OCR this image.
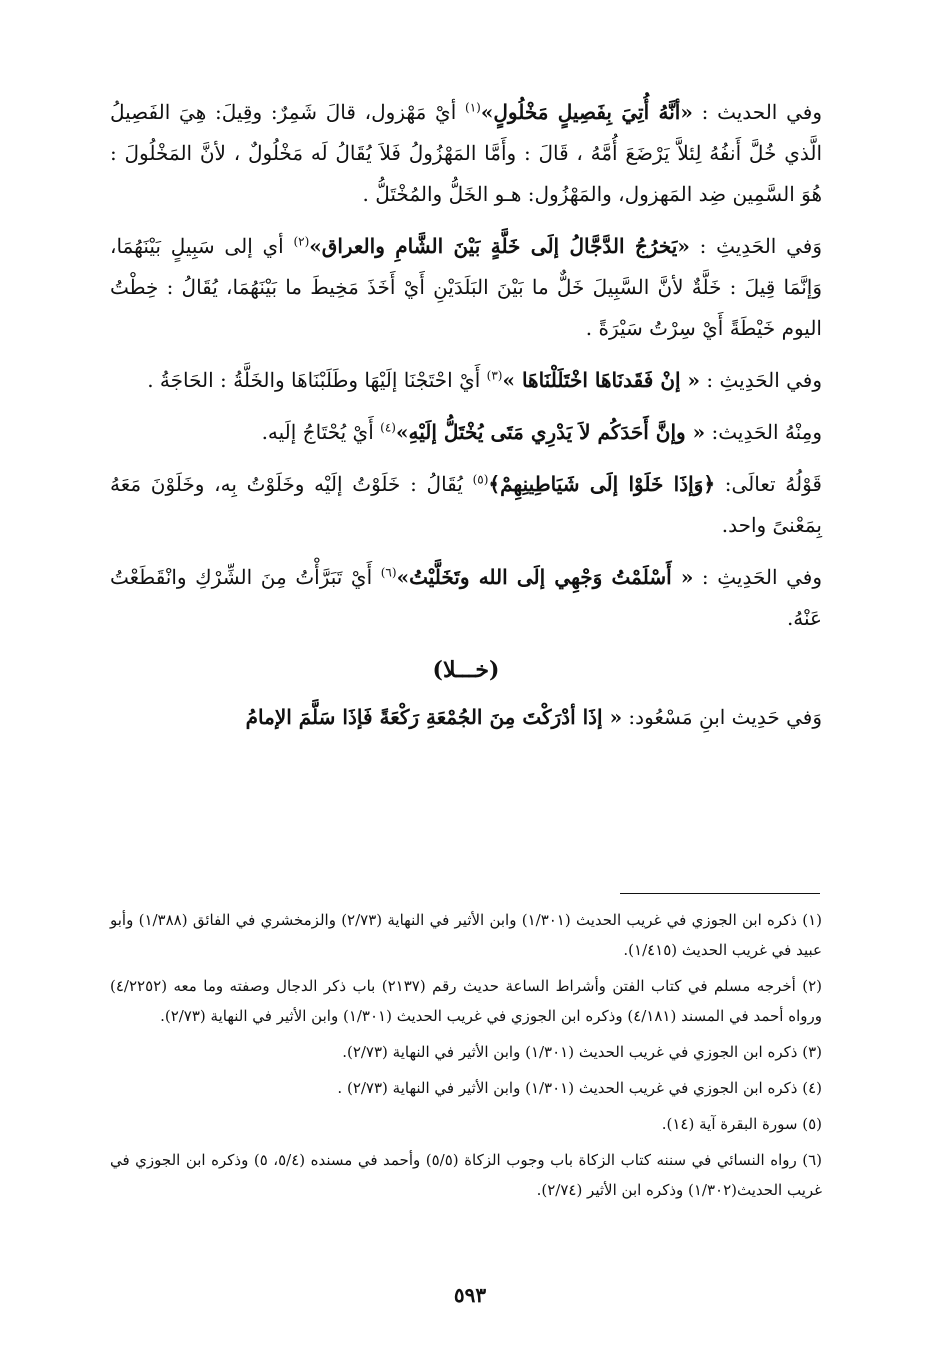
وفي الحديث : «أنَّهُ أُتِيَ بِفَصِيلٍ مَخْلُولٍ»$^{(١)}$ أيْ مَهْزول، قالَ شَمِرٌ: وقِيلَ: هِيَ الفَصِيلُ الَّذي خُلَّ أَنفُهُ لِئلاَّ يَرْضَعَ أُمَّهُ ، قَالَ : وأَمَّا المَهْزُولُ فَلاَ يُقَالُ لَه مَخْلُولٌ ، لأنَّ المَخْلُولَ : هُوَ السَّمِين ضِد المَهزول، والمَهْزُول: هـو الخَلُّ والمُخْتَلُّ .
وَفي الحَدِيثِ : «يَخرُجُ الدَّجَّالُ إلَى خَلَّةٍ بَيْنَ الشَّامِ والعراق»$^{(٢)}$ أي إلى سَبِيلٍ بَيْنَهُمَا، وَإنَّمَا قِيلَ : خَلَّةٌ لأنَّ السَّبِيلَ خَلٌّ ما بَيْنَ البَلَدَيْنِ أَيْ أَخَذَ مَخِيطَ ما بَيْنَهُمَا، يُقَالُ : خِطْتُ اليوم خَيْطَةً أَيْ سِرْتُ سَيْرَةً .
وفي الحَدِيثِ : « إنْ فَقَدنَاهَا اخْتَلَلْنَاهَا »$^{(٣)}$ أَيْ احْتَجْنَا إلَيْهَا وطَلَبْنَاهَا والخَلَّةُ : الحَاجَةُ .
ومِنْهُ الحَدِيث: « وإنَّ أَحَدَكُم لاَ يَدْرِي مَتَى يُخْتَلُّ إلَيْهِ»$^{(٤)}$ أَيْ يُحْتَاجُ إلَيه.
قَوْلُهُ تعالَى: ﴿وَإذَا خَلَوْا إلَى شَيَاطِينِهِمْ﴾$^{(٥)}$ يُقَالُ : خَلَوْتُ إلَيْه وخَلَوْتُ بِه، وخَلَوْنَ مَعَهُ بِمَعْنىً واحد.
وفي الحَدِيثِ : « أَسْلَمْتُ وَجْهِي إلَى الله وتَخَلَّيْتُ»$^{(٦)}$ أَيْ تَبَرَّأْتُ مِنَ الشِّرْكِ وانْقَطَعْتُ عَنْهُ.
(خـــلا)
وَفي حَدِيث ابنِ مَسْعُود: « إذَا أدْرَكْتَ مِنَ الجُمْعَةِ رَكْعَةً فَإذَا سَلَّمَ الإمامُ
(١) ذكره ابن الجوزي في غريب الحديث (١/٣٠١) وابن الأثير في النهاية (٢/٧٣) والزمخشري في الفائق (١/٣٨٨) وأبو عبيد في غريب الحديث (١/٤١٥).
(٢) أخرجه مسلم في كتاب الفتن وأشراط الساعة حديث رقم (٢١٣٧) باب ذكر الدجال وصفته وما معه (٤/٢٢٥٢) ورواه أحمد في المسند (٤/١٨١) وذكره ابن الجوزي في غريب الحديث (١/٣٠١) وابن الأثير في النهاية (٢/٧٣).
(٣) ذكره ابن الجوزي في غريب الحديث (١/٣٠١) وابن الأثير في النهاية (٢/٧٣).
(٤) ذكره ابن الجوزي في غريب الحديث (١/٣٠١) وابن الأثير في النهاية (٢/٧٣) .
(٥) سورة البقرة آية (١٤).
(٦) رواه النسائي في سننه كتاب الزكاة باب وجوب الزكاة (٥/٥) وأحمد في مسنده (٥/٤، ٥) وذكره ابن الجوزي في غريب الحديث(١/٣٠٢) وذكره ابن الأثير (٢/٧٤).
٥٩٣
